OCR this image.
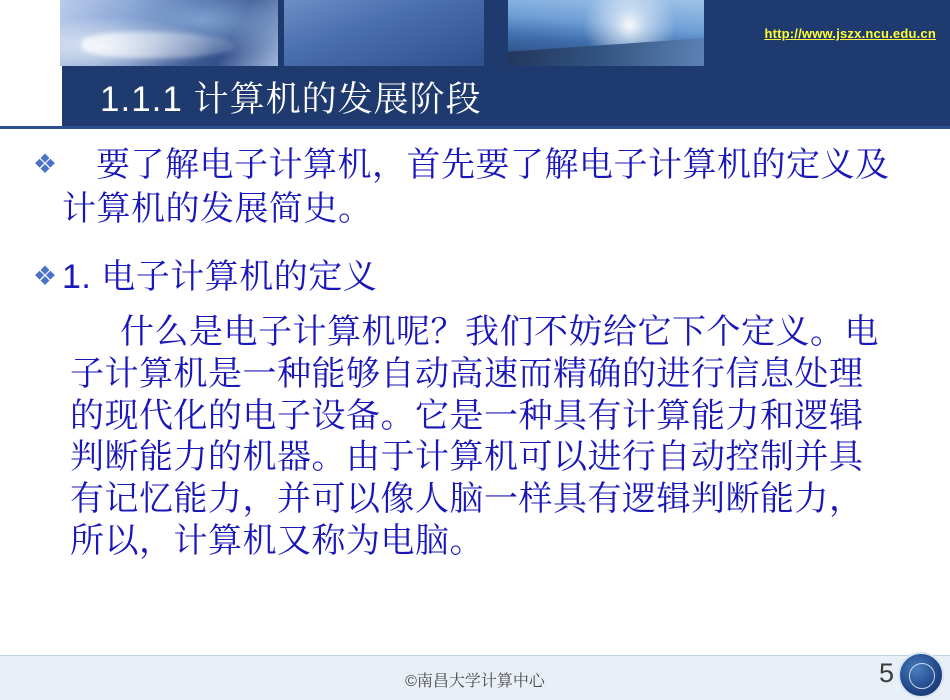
http://www.jszx.ncu.edu.cn
1.1.1 计算机的发展阶段
❖	要了解电子计算机，首先要了解电子计算机的定义及计算机的发展简史。
❖ 1. 电子计算机的定义
什么是电子计算机呢？我们不妨给它下个定义。电子计算机是一种能够自动高速而精确的进行信息处理的现代化的电子设备。它是一种具有计算能力和逻辑判断能力的机器。由于计算机可以进行自动控制并具有记忆能力，并可以像人脑一样具有逻辑判断能力，所以，计算机又称为电脑。
©南昌大学计算中心	5
